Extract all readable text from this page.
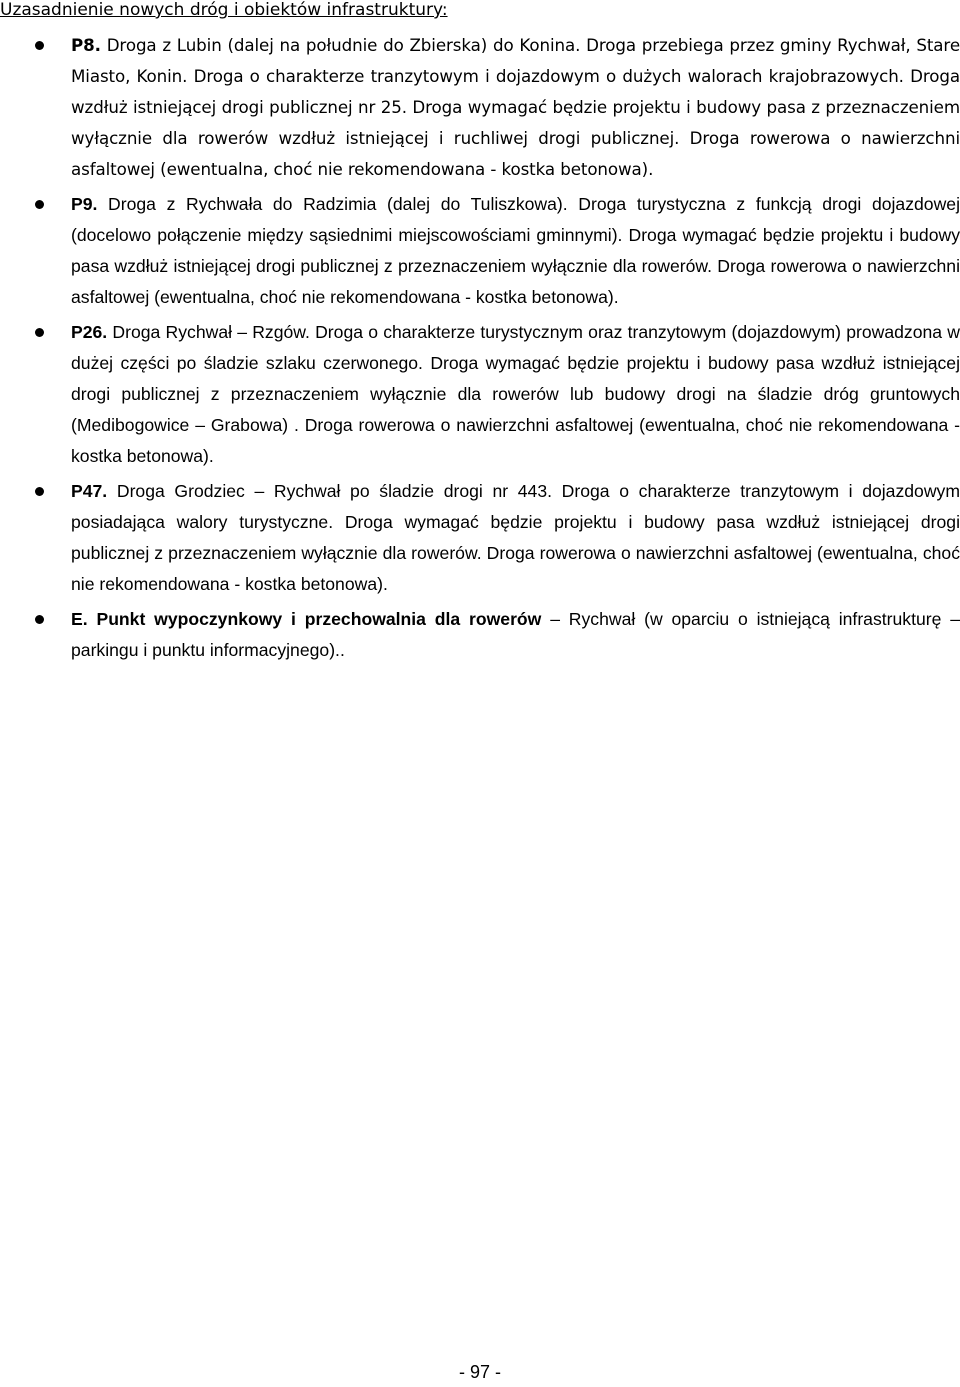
Uzasadnienie nowych dróg i obiektów infrastruktury:

P8. Droga z Lubin (dalej na południe do Zbierska) do Konina. Droga przebiega przez gminy Rychwał, Stare Miasto, Konin. Droga o charakterze tranzytowym i dojazdowym o dużych walorach krajobrazowych. Droga wzdłuż istniejącej drogi publicznej nr 25. Droga wymagać będzie projektu i budowy pasa z przeznaczeniem wyłącznie dla rowerów wzdłuż istniejącej i ruchliwej drogi publicznej. Droga rowerowa o nawierzchni asfaltowej (ewentualna, choć nie rekomendowana - kostka betonowa).

P9. Droga z Rychwała do Radzimia (dalej do Tuliszkowa). Droga turystyczna z funkcją drogi dojazdowej (docelowo połączenie między sąsiednimi miejscowościami gminnymi). Droga wymagać będzie projektu i budowy pasa wzdłuż istniejącej drogi publicznej z przeznaczeniem wyłącznie dla rowerów. Droga rowerowa o nawierzchni asfaltowej (ewentualna, choć nie rekomendowana - kostka betonowa).

P26. Droga Rychwał – Rzgów. Droga o charakterze turystycznym oraz tranzytowym (dojazdowym) prowadzona w dużej części po śladzie szlaku czerwonego. Droga wymagać będzie projektu i budowy pasa wzdłuż istniejącej drogi publicznej z przeznaczeniem wyłącznie dla rowerów lub budowy drogi na śladzie dróg gruntowych (Medibogowice – Grabowa) . Droga rowerowa o nawierzchni asfaltowej (ewentualna, choć nie rekomendowana - kostka betonowa).

P47. Droga Grodziec – Rychwał po śladzie drogi nr 443. Droga o charakterze tranzytowym i dojazdowym posiadająca walory turystyczne. Droga wymagać będzie projektu i budowy pasa wzdłuż istniejącej drogi publicznej z przeznaczeniem wyłącznie dla rowerów. Droga rowerowa o nawierzchni asfaltowej (ewentualna, choć nie rekomendowana - kostka betonowa).

E. Punkt wypoczynkowy i przechowalnia dla rowerów – Rychwał (w oparciu o istniejącą infrastrukturę – parkingu i punktu informacyjnego)..

- 97 -
